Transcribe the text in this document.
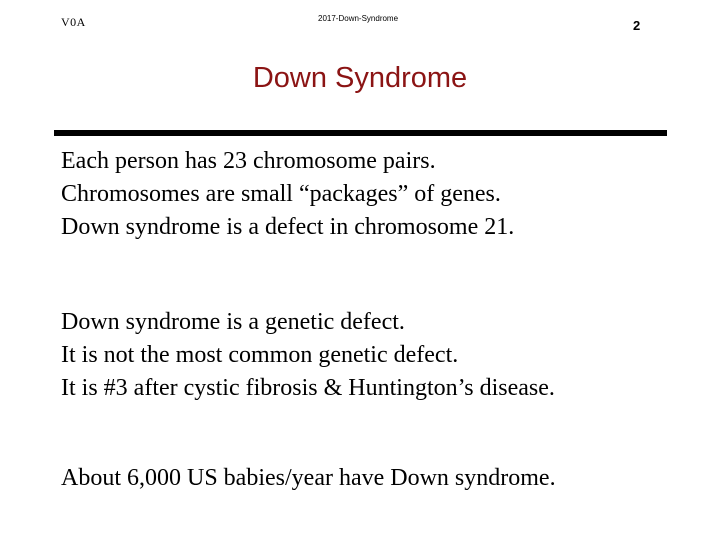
V0A	2017-Down-Syndrome	2
Down Syndrome

Each person has 23 chromosome pairs.
Chromosomes are small “packages” of genes.
Down syndrome is a defect in chromosome 21.

Down syndrome is a genetic defect.
It is not the most common genetic defect.
It is #3 after cystic fibrosis & Huntington’s disease.

About 6,000 US babies/year have Down syndrome.
